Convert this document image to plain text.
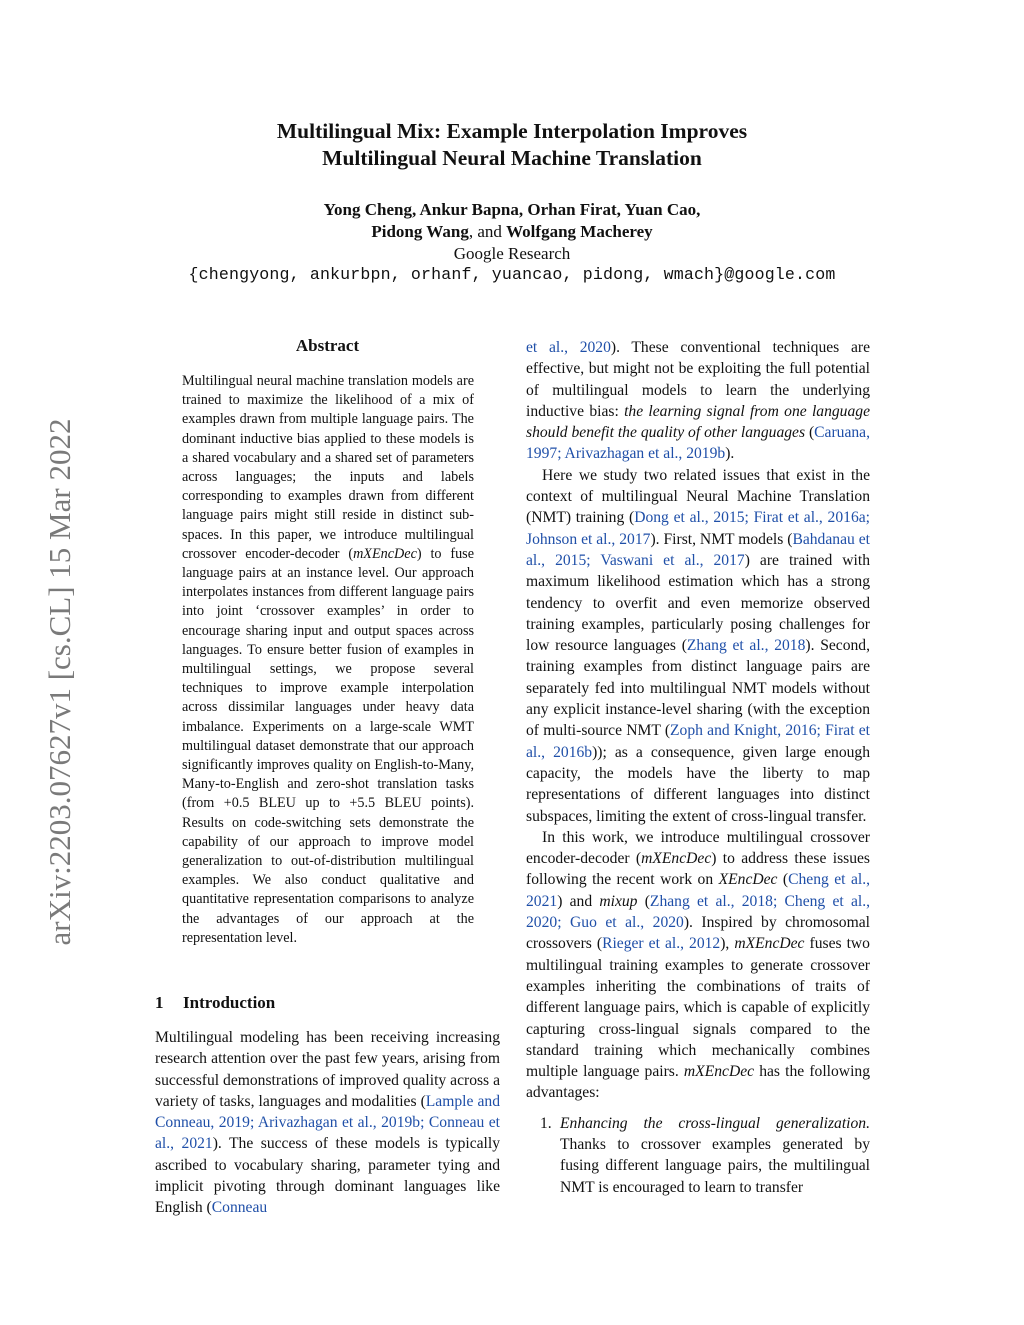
arXiv:2203.07627v1 [cs.CL] 15 Mar 2022
Multilingual Mix: Example Interpolation Improves
Multilingual Neural Machine Translation
Yong Cheng, Ankur Bapna, Orhan Firat, Yuan Cao,
Pidong Wang, and Wolfgang Macherey
Google Research
{chengyong, ankurbpn, orhanf, yuancao, pidong, wmach}@google.com
Abstract
Multilingual neural machine translation models are trained to maximize the likelihood of a mix of examples drawn from multiple language pairs. The dominant inductive bias applied to these models is a shared vocabulary and a shared set of parameters across languages; the inputs and labels corresponding to examples drawn from different language pairs might still reside in distinct sub-spaces. In this paper, we introduce multilingual crossover encoder-decoder (mXEncDec) to fuse language pairs at an instance level. Our approach interpolates instances from different language pairs into joint ‘crossover examples’ in order to encourage sharing input and output spaces across languages. To ensure better fusion of examples in multilingual settings, we propose several techniques to improve example interpolation across dissimilar languages under heavy data imbalance. Experiments on a large-scale WMT multilingual dataset demonstrate that our approach significantly improves quality on English-to-Many, Many-to-English and zero-shot translation tasks (from +0.5 BLEU up to +5.5 BLEU points). Results on code-switching sets demonstrate the capability of our approach to improve model generalization to out-of-distribution multilingual examples. We also conduct qualitative and quantitative representation comparisons to analyze the advantages of our approach at the representation level.
1 Introduction

Multilingual modeling has been receiving increasing research attention over the past few years, arising from successful demonstrations of improved quality across a variety of tasks, languages and modalities (Lample and Conneau, 2019; Arivazhagan et al., 2019b; Conneau et al., 2021). The success of these models is typically ascribed to vocabulary sharing, parameter tying and implicit pivoting through dominant languages like English (Conneau

et al., 2020). These conventional techniques are effective, but might not be exploiting the full potential of multilingual models to learn the underlying inductive bias: the learning signal from one language should benefit the quality of other languages (Caruana, 1997; Arivazhagan et al., 2019b).

Here we study two related issues that exist in the context of multilingual Neural Machine Translation (NMT) training (Dong et al., 2015; Firat et al., 2016a; Johnson et al., 2017). First, NMT models (Bahdanau et al., 2015; Vaswani et al., 2017) are trained with maximum likelihood estimation which has a strong tendency to overfit and even memorize observed training examples, particularly posing challenges for low resource languages (Zhang et al., 2018). Second, training examples from distinct language pairs are separately fed into multilingual NMT models without any explicit instance-level sharing (with the exception of multi-source NMT (Zoph and Knight, 2016; Firat et al., 2016b)); as a consequence, given large enough capacity, the models have the liberty to map representations of different languages into distinct subspaces, limiting the extent of cross-lingual transfer.

In this work, we introduce multilingual crossover encoder-decoder (mXEncDec) to address these issues following the recent work on XEncDec (Cheng et al., 2021) and mixup (Zhang et al., 2018; Cheng et al., 2020; Guo et al., 2020). Inspired by chromosomal crossovers (Rieger et al., 2012), mXEncDec fuses two multilingual training examples to generate crossover examples inheriting the combinations of traits of different language pairs, which is capable of explicitly capturing cross-lingual signals compared to the standard training which mechanically combines multiple language pairs. mXEncDec has the following advantages:

1. Enhancing the cross-lingual generalization. Thanks to crossover examples generated by fusing different language pairs, the multilingual NMT is encouraged to learn to transfer
